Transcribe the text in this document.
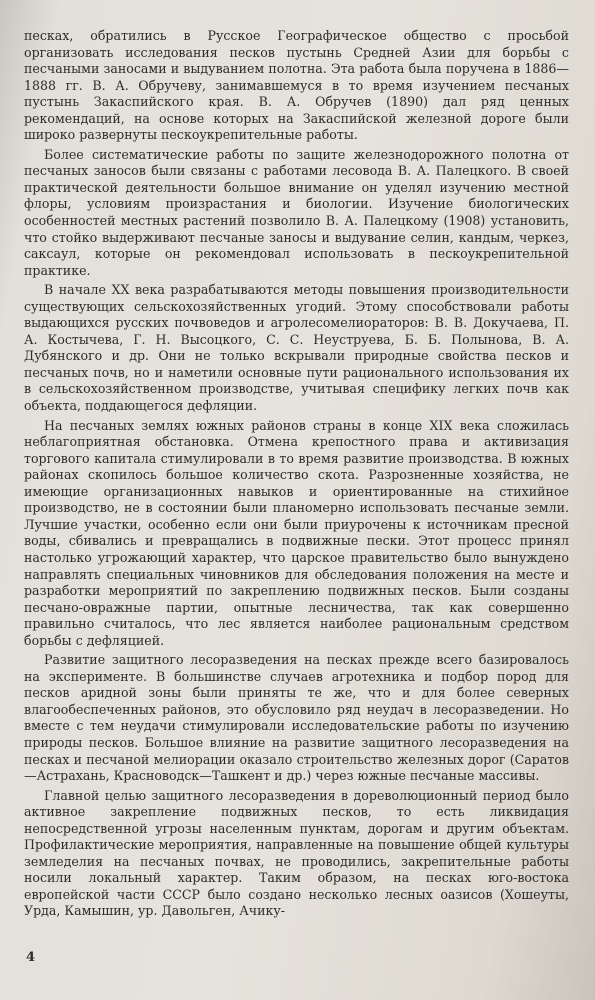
песках, обратились в Русское Географическое общество с просьбой организовать исследования песков пустынь Средней Азии для борьбы с песчаными заносами и выдуванием полотна. Эта работа была поручена в 1886—1888 гг. В. А. Обручеву, занимавшемуся в то время изучением песчаных пустынь Закаспийского края. В. А. Обручев (1890) дал ряд ценных рекомендаций, на основе которых на Закаспийской железной дороге были широко развернуты пескоукрепительные работы.

Более систематические работы по защите железнодорожного полотна от песчаных заносов были связаны с работами лесовода В. А. Палецкого. В своей практической деятельности большое внимание он уделял изучению местной флоры, условиям произрастания и биологии. Изучение биологических особенностей местных растений позволило В. А. Палецкому (1908) установить, что стойко выдерживают песчаные заносы и выдувание селин, кандым, черкез, саксаул, которые он рекомендовал использовать в пескоукрепительной практике.

В начале XX века разрабатываются методы повышения производительности существующих сельскохозяйственных угодий. Этому способствовали работы выдающихся русских почвоведов и агролесомелиораторов: В. В. Докучаева, П. А. Костычева, Г. Н. Высоцкого, С. С. Неуструева, Б. Б. Полынова, В. А. Дубянского и др. Они не только вскрывали природные свойства песков и песчаных почв, но и наметили основные пути рационального использования их в сельскохозяйственном производстве, учитывая специфику легких почв как объекта, поддающегося дефляции.

На песчаных землях южных районов страны в конце XIX века сложилась неблагоприятная обстановка. Отмена крепостного права и активизация торгового капитала стимулировали в то время развитие производства. В южных районах скопилось большое количество скота. Разрозненные хозяйства, не имеющие организационных навыков и ориентированные на стихийное производство, не в состоянии были планомерно использовать песчаные земли. Лучшие участки, особенно если они были приурочены к источникам пресной воды, сбивались и превращались в подвижные пески. Этот процесс принял настолько угрожающий характер, что царское правительство было вынуждено направлять специальных чиновников для обследования положения на месте и разработки мероприятий по закреплению подвижных песков. Были созданы песчано-овражные партии, опытные лесничества, так как совершенно правильно считалось, что лес является наиболее рациональным средством борьбы с дефляцией.

Развитие защитного лесоразведения на песках прежде всего базировалось на эксперименте. В большинстве случаев агротехника и подбор пород для песков аридной зоны были приняты те же, что и для более северных влагообеспеченных районов, это обусловило ряд неудач в лесоразведении. Но вместе с тем неудачи стимулировали исследовательские работы по изучению природы песков. Большое влияние на развитие защитного лесоразведения на песках и песчаной мелиорации оказало строительство железных дорог (Саратов—Астрахань, Красноводск—Ташкент и др.) через южные песчаные массивы.

Главной целью защитного лесоразведения в дореволюционный период было активное закрепление подвижных песков, то есть ликвидация непосредственной угрозы населенным пунктам, дорогам и другим объектам. Профилактические мероприятия, направленные на повышение общей культуры земледелия на песчаных почвах, не проводились, закрепительные работы носили локальный характер. Таким образом, на песках юго-востока европейской части СССР было создано несколько лесных оазисов (Хошеуты, Урда, Камышин, ур. Давольген, Ачику-

4
